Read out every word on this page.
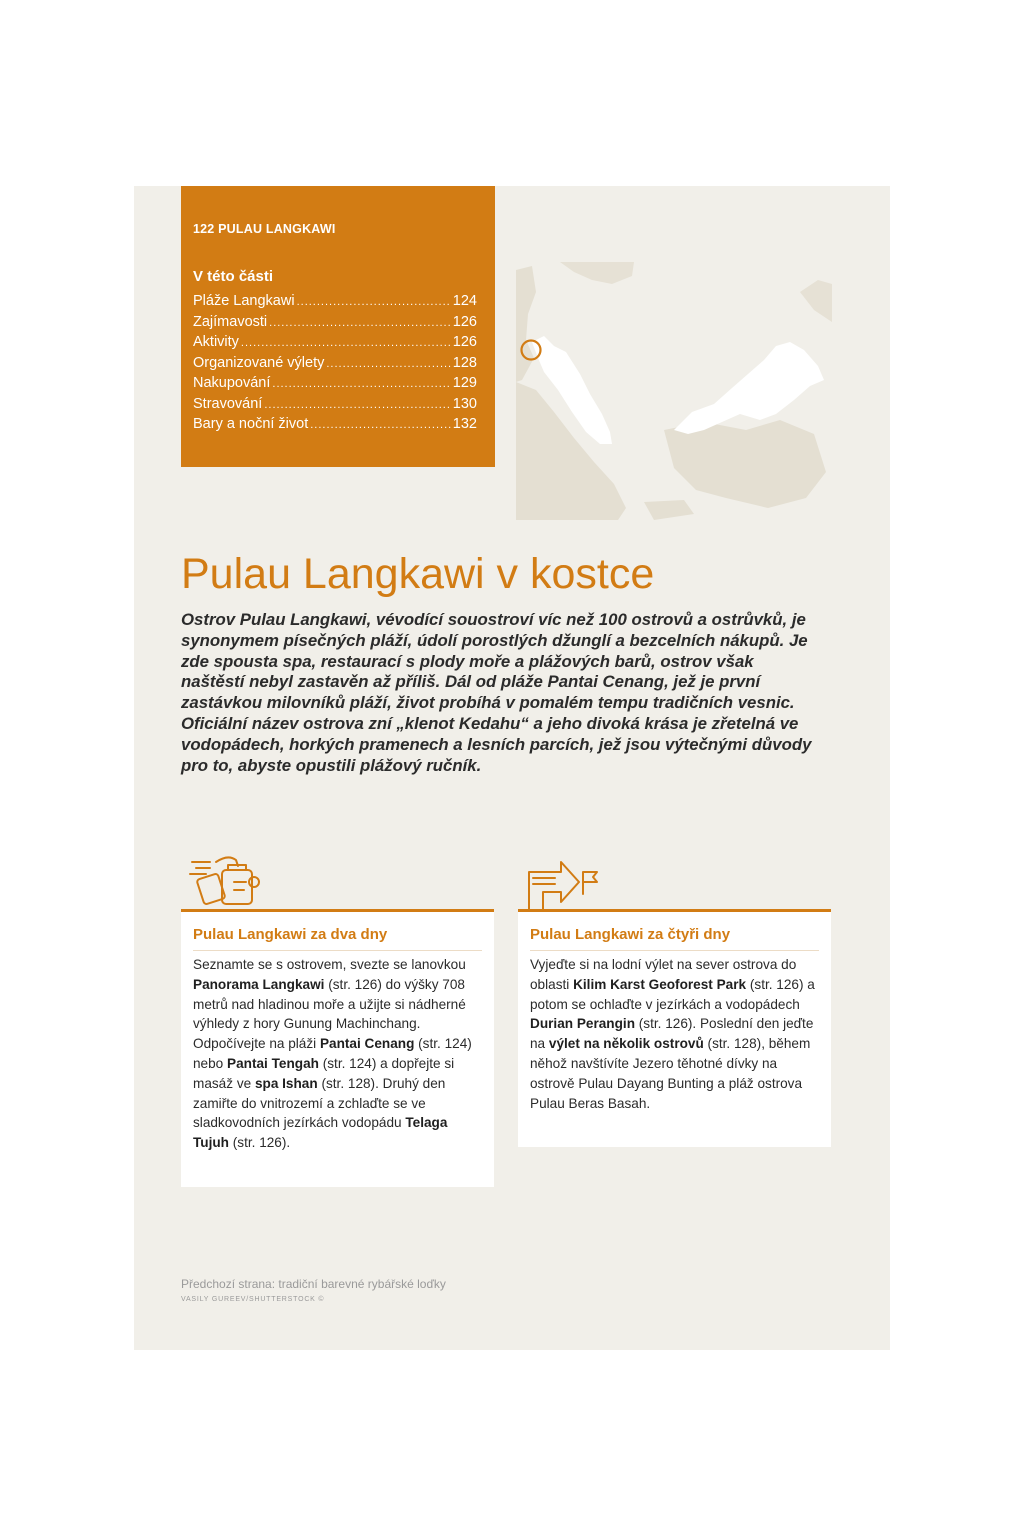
122 PULAU LANGKAWI
V této části
Pláže Langkawi .....	124
Zajímavosti .....	126
Aktivity .....	126
Organizované výlety .....	128
Nakupování .....	129
Stravování .....	130
Bary a noční život .....	132
Pulau Langkawi v kostce

Ostrov Pulau Langkawi, vévodící souostroví víc než 100 ostrovů a ostrůvků, je synonymem písečných pláží, údolí porostlých džunglí a bezcelních nákupů. Je zde spousta spa, restaurací s plody moře a plážových barů, ostrov však naštěstí nebyl zastavěn až příliš. Dál od pláže Pantai Cenang, jež je první zastávkou milovníků pláží, život probíhá v pomalém tempu tradičních vesnic. Oficiální název ostrova zní „klenot Kedahu“ a jeho divoká krása je zřetelná ve vodopádech, horkých pramenech a lesních parcích, jež jsou výtečnými důvody pro to, abyste opustili plážový ručník.

Pulau Langkawi za dva dny

Seznamte se s ostrovem, svezte se lanovkou Panorama Langkawi (str. 126) do výšky 708 metrů nad hladinou moře a užijte si nádherné výhledy z hory Gunung Machinchang. Odpočívejte na pláži Pantai Cenang (str. 124) nebo Pantai Tengah (str. 124) a dopřejte si masáž ve spa Ishan (str. 128). Druhý den zamiřte do vnitrozemí a zchlaďte se ve sladkovodních jezírkách vodopádu Telaga Tujuh (str. 126).

Pulau Langkawi za čtyři dny

Vyjeďte si na lodní výlet na sever ostrova do oblasti Kilim Karst Geoforest Park (str. 126) a potom se ochlaďte v jezírkách a vodopádech Durian Perangin (str. 126). Poslední den jeďte na výlet na několik ostrovů (str. 128), během něhož navštívíte Jezero těhotné dívky na ostrově Pulau Dayang Bunting a pláž ostrova Pulau Beras Basah.

Předchozí strana: tradiční barevné rybářské loďky
VASILY GUREEV/SHUTTERSTOCK ©
